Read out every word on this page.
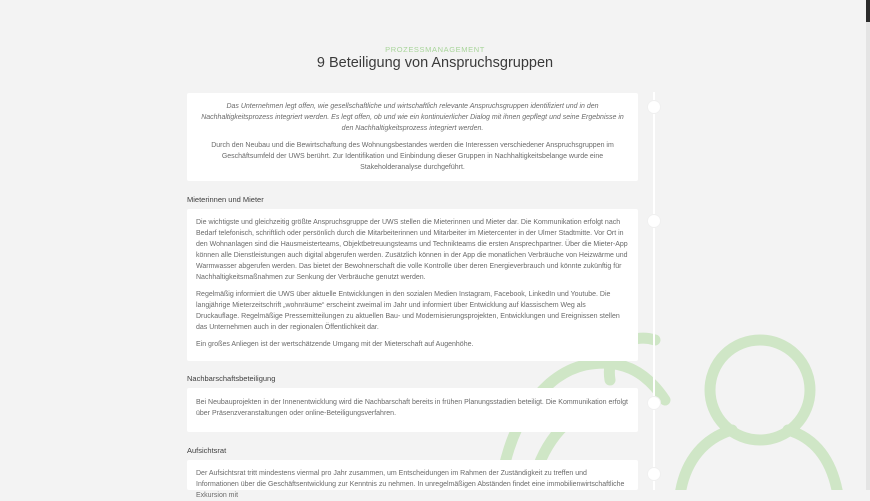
PROZESSMANAGEMENT
9 Beteiligung von Anspruchsgruppen

Das Unternehmen legt offen, wie gesellschaftliche und wirtschaftlich relevante Anspruchsgruppen identifiziert und in den Nachhaltigkeitsprozess integriert werden. Es legt offen, ob und wie ein kontinuierlicher Dialog mit ihnen gepflegt und seine Ergebnisse in den Nachhaltigkeitsprozess integriert werden.

Durch den Neubau und die Bewirtschaftung des Wohnungsbestandes werden die Interessen verschiedener Anspruchsgruppen im Geschäftsumfeld der UWS berührt. Zur Identifikation und Einbindung dieser Gruppen in Nachhaltigkeitsbelange wurde eine Stakeholderanalyse durchgeführt.

Mieterinnen und Mieter

Die wichtigste und gleichzeitig größte Anspruchsgruppe der UWS stellen die Mieterinnen und Mieter dar. Die Kommunikation erfolgt nach Bedarf telefonisch, schriftlich oder persönlich durch die Mitarbeiterinnen und Mitarbeiter im Mietercenter in der Ulmer Stadtmitte. Vor Ort in den Wohnanlagen sind die Hausmeisterteams, Objektbetreuungsteams und Technikteams die ersten Ansprechpartner. Über die Mieter-App können alle Dienstleistungen auch digital abgerufen werden. Zusätzlich können in der App die monatlichen Verbräuche von Heizwärme und Warmwasser abgerufen werden. Das bietet der Bewohnerschaft die volle Kontrolle über deren Energieverbrauch und könnte zukünftig für Nachhaltigkeitsmaßnahmen zur Senkung der Verbräuche genutzt werden.

Regelmäßig informiert die UWS über aktuelle Entwicklungen in den sozialen Medien Instagram, Facebook, LinkedIn und Youtube. Die langjährige Mieterzeitschrift „wohnräume“ erscheint zweimal im Jahr und informiert über Entwicklung auf klassischem Weg als Druckauflage. Regelmäßige Pressemitteilungen zu aktuellen Bau- und Modernisierungsprojekten, Entwicklungen und Ereignissen stellen das Unternehmen auch in der regionalen Öffentlichkeit dar.

Ein großes Anliegen ist der wertschätzende Umgang mit der Mieterschaft auf Augenhöhe.

Nachbarschaftsbeteiligung

Bei Neubauprojekten in der Innenentwicklung wird die Nachbarschaft bereits in frühen Planungsstadien beteiligt. Die Kommunikation erfolgt über Präsenzveranstaltungen oder online-Beteiligungsverfahren.

Aufsichtsrat

Der Aufsichtsrat tritt mindestens viermal pro Jahr zusammen, um Entscheidungen im Rahmen der Zuständigkeit zu treffen und Informationen über die Geschäftsentwicklung zur Kenntnis zu nehmen. In unregelmäßigen Abständen findet eine immobilienwirtschaftliche Exkursion mit
